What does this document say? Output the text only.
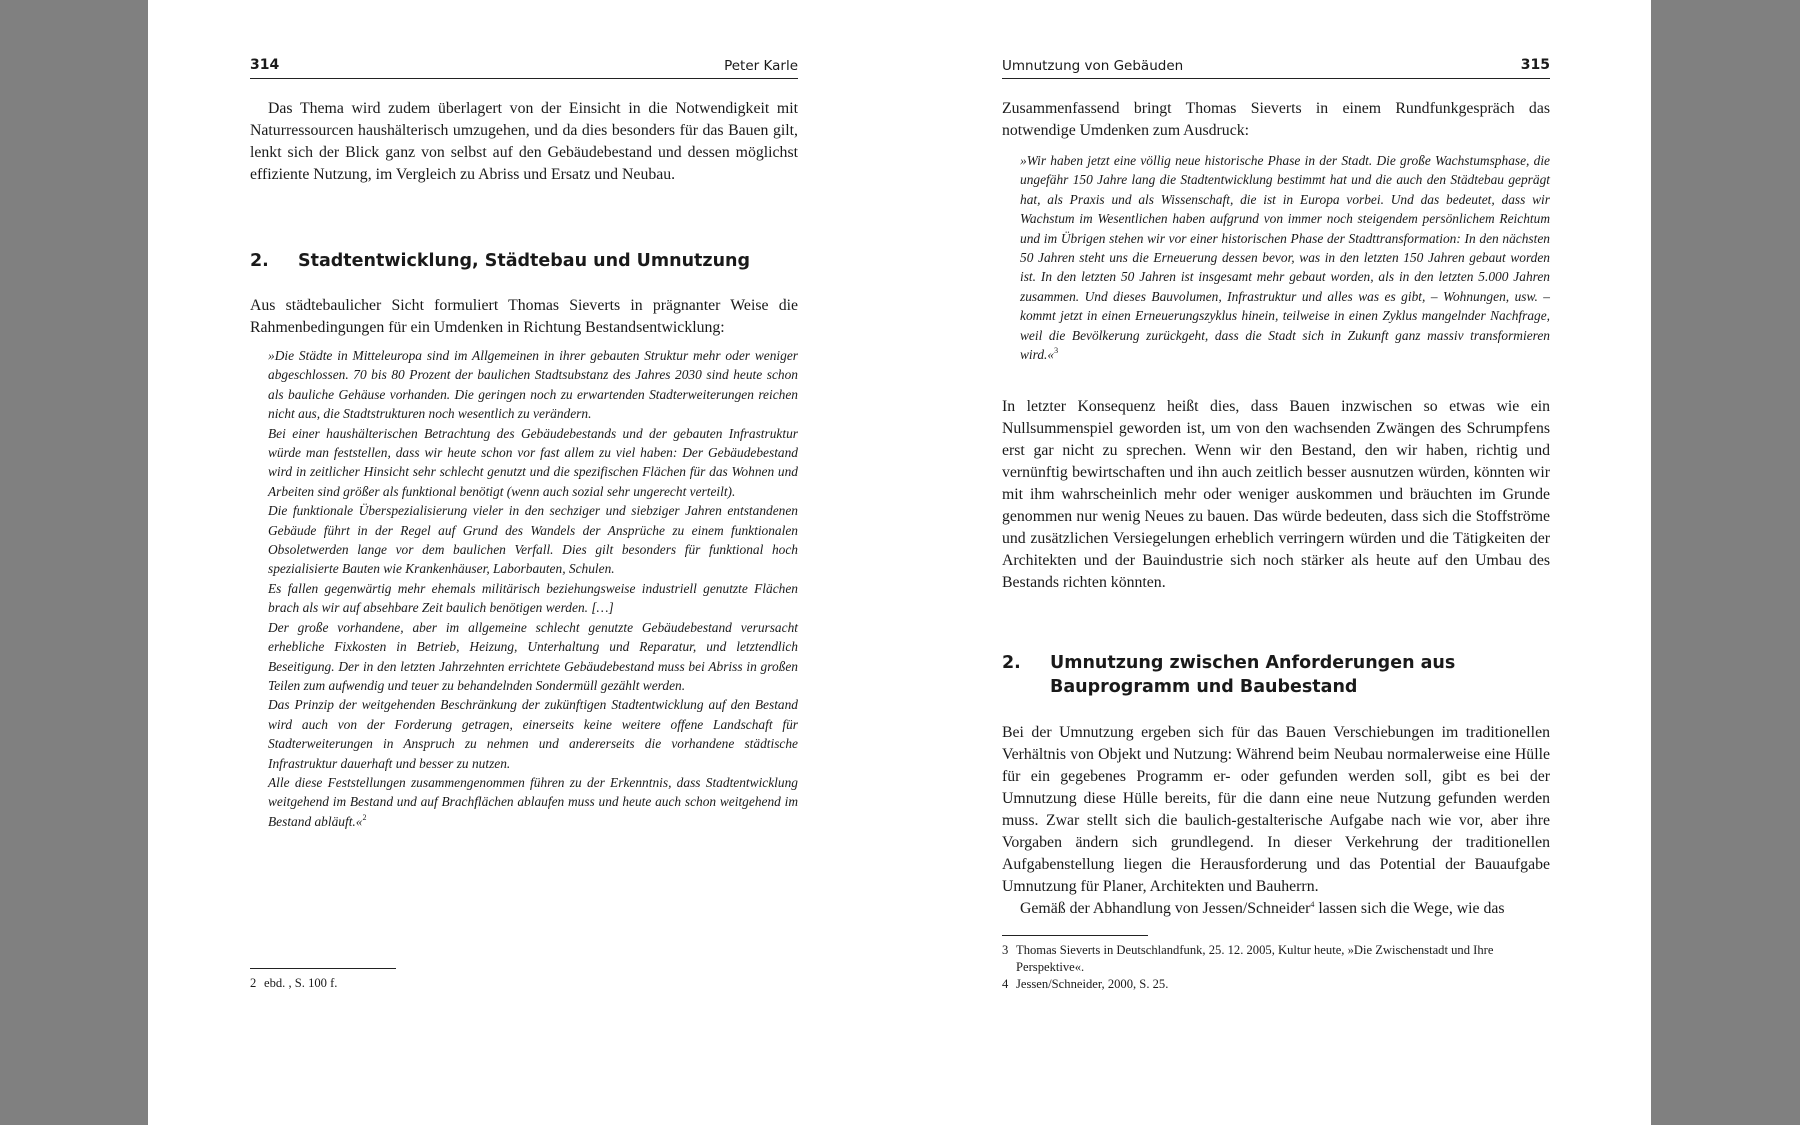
314	Peter Karle

Das Thema wird zudem überlagert von der Einsicht in die Notwendigkeit mit Naturressourcen haushälterisch umzugehen, und da dies besonders für das Bauen gilt, lenkt sich der Blick ganz von selbst auf den Gebäudebestand und dessen möglichst effiziente Nutzung, im Vergleich zu Abriss und Ersatz und Neubau.

2. Stadtentwicklung, Städtebau und Umnutzung

Aus städtebaulicher Sicht formuliert Thomas Sieverts in prägnanter Weise die Rahmenbedingungen für ein Umdenken in Richtung Bestandsentwicklung:

»Die Städte in Mitteleuropa sind im Allgemeinen in ihrer gebauten Struktur mehr oder weniger abgeschlossen. 70 bis 80 Prozent der baulichen Stadtsubstanz des Jahres 2030 sind heute schon als bauliche Gehäuse vorhanden. Die geringen noch zu erwartenden Stadterweiterungen reichen nicht aus, die Stadtstrukturen noch wesentlich zu verändern.

Bei einer haushälterischen Betrachtung des Gebäudebestands und der gebauten Infrastruktur würde man feststellen, dass wir heute schon vor fast allem zu viel haben: Der Gebäudebestand wird in zeitlicher Hinsicht sehr schlecht genutzt und die spezifischen Flächen für das Wohnen und Arbeiten sind größer als funktional benötigt (wenn auch sozial sehr ungerecht verteilt).

Die funktionale Überspezialisierung vieler in den sechziger und siebziger Jahren entstandenen Gebäude führt in der Regel auf Grund des Wandels der Ansprüche zu einem funktionalen Obsoletwerden lange vor dem baulichen Verfall. Dies gilt besonders für funktional hoch spezialisierte Bauten wie Krankenhäuser, Laborbauten, Schulen.

Es fallen gegenwärtig mehr ehemals militärisch beziehungsweise industriell genutzte Flächen brach als wir auf absehbare Zeit baulich benötigen werden. […]

Der große vorhandene, aber im allgemeine schlecht genutzte Gebäudebestand verursacht erhebliche Fixkosten in Betrieb, Heizung, Unterhaltung und Reparatur, und letztendlich Beseitigung. Der in den letzten Jahrzehnten errichtete Gebäudebestand muss bei Abriss in großen Teilen zum aufwendig und teuer zu behandelnden Sondermüll gezählt werden.

Das Prinzip der weitgehenden Beschränkung der zukünftigen Stadtentwicklung auf den Bestand wird auch von der Forderung getragen, einerseits keine weitere offene Landschaft für Stadterweiterungen in Anspruch zu nehmen und andererseits die vorhandene städtische Infrastruktur dauerhaft und besser zu nutzen.

Alle diese Feststellungen zusammengenommen führen zu der Erkenntnis, dass Stadtentwicklung weitgehend im Bestand und auf Brachflächen ablaufen muss und heute auch schon weitgehend im Bestand abläuft.«$^2$

2 ebd. , S. 100 f.
Umnutzung von Gebäuden	315

Zusammenfassend bringt Thomas Sieverts in einem Rundfunkgespräch das notwendige Umdenken zum Ausdruck:

»Wir haben jetzt eine völlig neue historische Phase in der Stadt. Die große Wachstumsphase, die ungefähr 150 Jahre lang die Stadtentwicklung bestimmt hat und die auch den Städtebau geprägt hat, als Praxis und als Wissenschaft, die ist in Europa vorbei. Und das bedeutet, dass wir Wachstum im Wesentlichen haben aufgrund von immer noch steigendem persönlichem Reichtum und im Übrigen stehen wir vor einer historischen Phase der Stadttransformation: In den nächsten 50 Jahren steht uns die Erneuerung dessen bevor, was in den letzten 150 Jahren gebaut worden ist. In den letzten 50 Jahren ist insgesamt mehr gebaut worden, als in den letzten 5.000 Jahren zusammen. Und dieses Bauvolumen, Infrastruktur und alles was es gibt, – Wohnungen, usw. – kommt jetzt in einen Erneuerungszyklus hinein, teilweise in einen Zyklus mangelnder Nachfrage, weil die Bevölkerung zurückgeht, dass die Stadt sich in Zukunft ganz massiv transformieren wird.«$^3$

In letzter Konsequenz heißt dies, dass Bauen inzwischen so etwas wie ein Nullsummenspiel geworden ist, um von den wachsenden Zwängen des Schrumpfens erst gar nicht zu sprechen. Wenn wir den Bestand, den wir haben, richtig und vernünftig bewirtschaften und ihn auch zeitlich besser ausnutzen würden, könnten wir mit ihm wahrscheinlich mehr oder weniger auskommen und bräuchten im Grunde genommen nur wenig Neues zu bauen. Das würde bedeuten, dass sich die Stoffströme und zusätzlichen Versiegelungen erheblich verringern würden und die Tätigkeiten der Architekten und der Bauindustrie sich noch stärker als heute auf den Umbau des Bestands richten könnten.

2. Umnutzung zwischen Anforderungen aus Bauprogramm und Baubestand

Bei der Umnutzung ergeben sich für das Bauen Verschiebungen im traditionellen Verhältnis von Objekt und Nutzung: Während beim Neubau normalerweise eine Hülle für ein gegebenes Programm er- oder gefunden werden soll, gibt es bei der Umnutzung diese Hülle bereits, für die dann eine neue Nutzung gefunden werden muss. Zwar stellt sich die baulich-gestalterische Aufgabe nach wie vor, aber ihre Vorgaben ändern sich grundlegend. In dieser Verkehrung der traditionellen Aufgabenstellung liegen die Herausforderung und das Potential der Bauaufgabe Umnutzung für Planer, Architekten und Bauherrn.

Gemäß der Abhandlung von Jessen/Schneider$^4$ lassen sich die Wege, wie das

3 Thomas Sieverts in Deutschlandfunk, 25. 12. 2005, Kultur heute, »Die Zwischenstadt und Ihre Perspektive«.
4 Jessen/Schneider, 2000, S. 25.
